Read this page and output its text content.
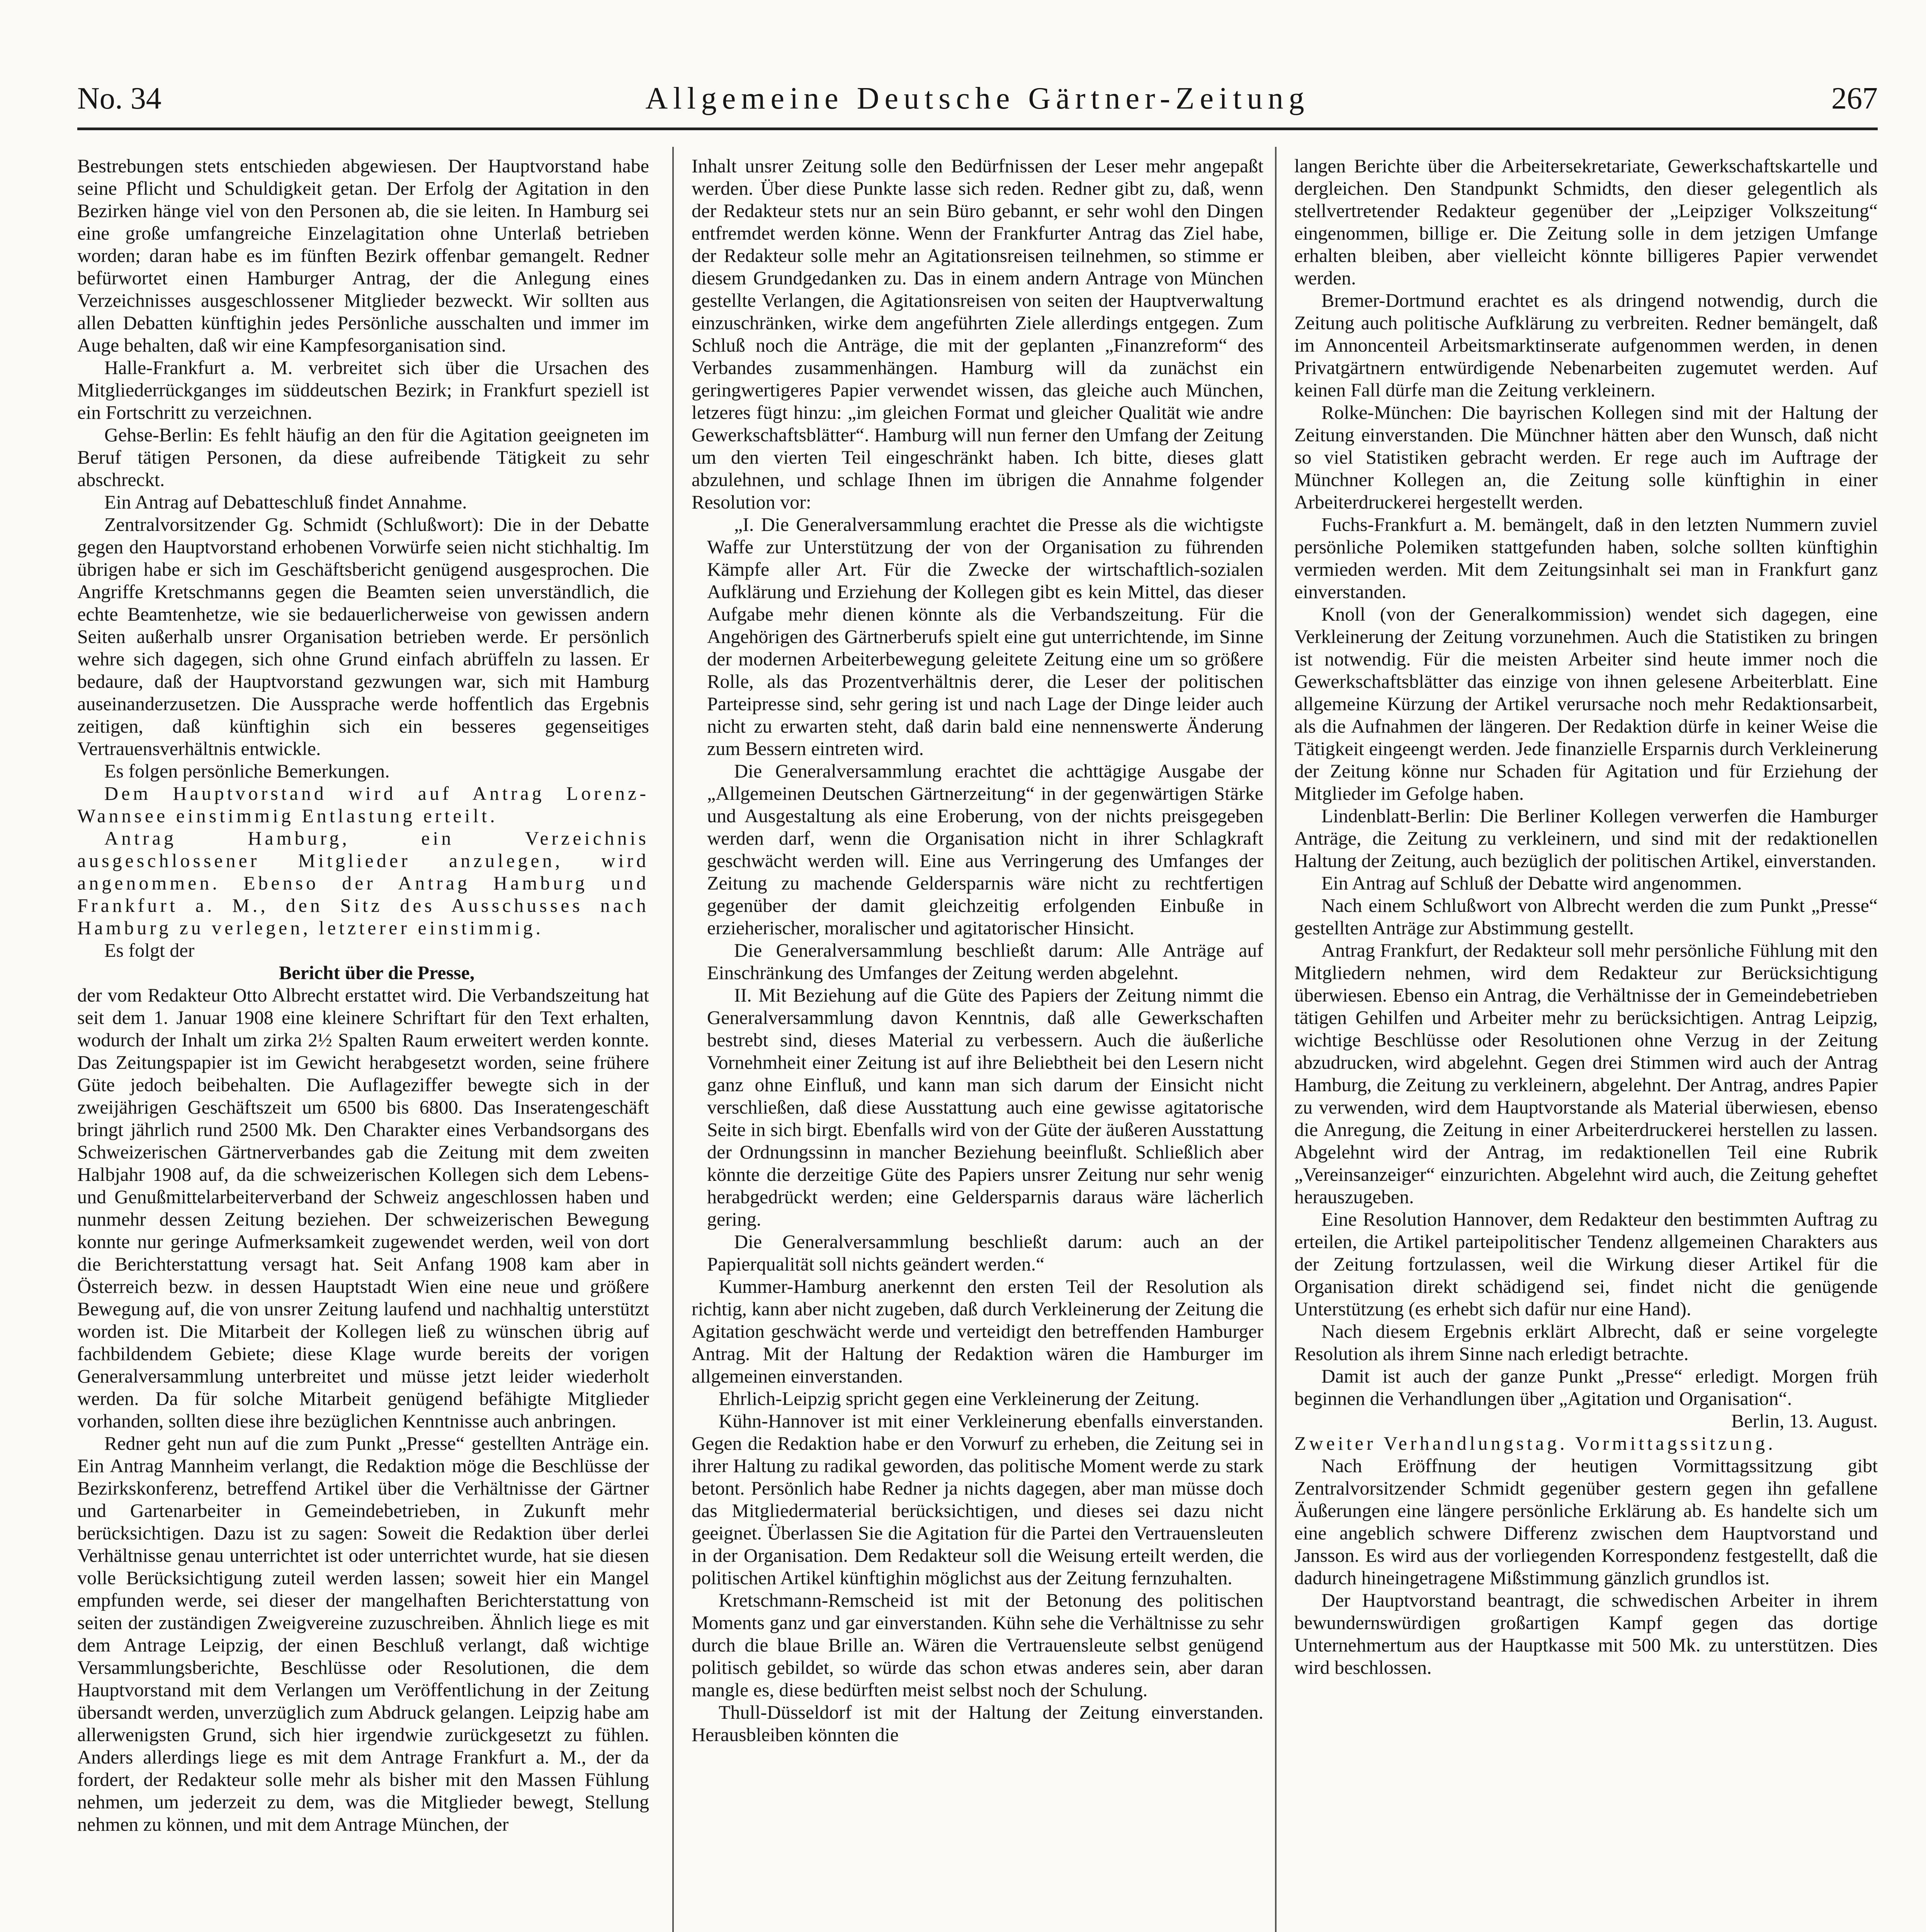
No. 34	Allgemeine Deutsche Gärtner-Zeitung	267

Bestrebungen stets entschieden abgewiesen. Der Hauptvorstand habe seine Pflicht und Schuldigkeit getan. Der Erfolg der Agitation in den Bezirken hänge viel von den Personen ab, die sie leiten. In Hamburg sei eine große umfangreiche Einzelagitation ohne Unterlaß betrieben worden; daran habe es im fünften Bezirk offenbar gemangelt. Redner befürwortet einen Hamburger Antrag, der die Anlegung eines Verzeichnisses ausgeschlossener Mitglieder bezweckt. Wir sollten aus allen Debatten künftighin jedes Persönliche ausschalten und immer im Auge behalten, daß wir eine Kampfesorganisation sind.

Halle-Frankfurt a. M. verbreitet sich über die Ursachen des Mitgliederrückganges im süddeutschen Bezirk; in Frankfurt speziell ist ein Fortschritt zu verzeichnen.

Gehse-Berlin: Es fehlt häufig an den für die Agitation geeigneten im Beruf tätigen Personen, da diese aufreibende Tätigkeit zu sehr abschreckt.

Ein Antrag auf Debatteschluß findet Annahme.

Zentralvorsitzender Gg. Schmidt (Schlußwort): Die in der Debatte gegen den Hauptvorstand erhobenen Vorwürfe seien nicht stichhaltig. Im übrigen habe er sich im Geschäftsbericht genügend ausgesprochen. Die Angriffe Kretschmanns gegen die Beamten seien unverständlich, die echte Beamtenhetze, wie sie bedauerlicherweise von gewissen andern Seiten außerhalb unsrer Organisation betrieben werde. Er persönlich wehre sich dagegen, sich ohne Grund einfach abrüffeln zu lassen. Er bedaure, daß der Hauptvorstand gezwungen war, sich mit Hamburg auseinanderzusetzen. Die Aussprache werde hoffentlich das Ergebnis zeitigen, daß künftighin sich ein besseres gegenseitiges Vertrauensverhältnis entwickle.

Es folgen persönliche Bemerkungen.

Dem Hauptvorstand wird auf Antrag Lorenz-Wannsee einstimmig Entlastung erteilt.

Antrag Hamburg, ein Verzeichnis ausgeschlossener Mitglieder anzulegen, wird angenommen. Ebenso der Antrag Hamburg und Frankfurt a. M., den Sitz des Ausschusses nach Hamburg zu verlegen, letzterer einstimmig.

Es folgt der

Bericht über die Presse,

der vom Redakteur Otto Albrecht erstattet wird. Die Verbandszeitung hat seit dem 1. Januar 1908 eine kleinere Schriftart für den Text erhalten, wodurch der Inhalt um zirka 2½ Spalten Raum erweitert werden konnte. Das Zeitungspapier ist im Gewicht herabgesetzt worden, seine frühere Güte jedoch beibehalten. Die Auflageziffer bewegte sich in der zweijährigen Geschäftszeit um 6500 bis 6800. Das Inseratengeschäft bringt jährlich rund 2500 Mk. Den Charakter eines Verbandsorgans des Schweizerischen Gärtnerverbandes gab die Zeitung mit dem zweiten Halbjahr 1908 auf, da die schweizerischen Kollegen sich dem Lebens- und Genußmittelarbeiterverband der Schweiz angeschlossen haben und nunmehr dessen Zeitung beziehen. Der schweizerischen Bewegung konnte nur geringe Aufmerksamkeit zugewendet werden, weil von dort die Berichterstattung versagt hat. Seit Anfang 1908 kam aber in Österreich bezw. in dessen Hauptstadt Wien eine neue und größere Bewegung auf, die von unsrer Zeitung laufend und nachhaltig unterstützt worden ist. Die Mitarbeit der Kollegen ließ zu wünschen übrig auf fachbildendem Gebiete; diese Klage wurde bereits der vorigen Generalversammlung unterbreitet und müsse jetzt leider wiederholt werden. Da für solche Mitarbeit genügend befähigte Mitglieder vorhanden, sollten diese ihre bezüglichen Kenntnisse auch anbringen.

Redner geht nun auf die zum Punkt „Presse“ gestellten Anträge ein. Ein Antrag Mannheim verlangt, die Redaktion möge die Beschlüsse der Bezirkskonferenz, betreffend Artikel über die Verhältnisse der Gärtner und Gartenarbeiter in Gemeindebetrieben, in Zukunft mehr berücksichtigen. Dazu ist zu sagen: Soweit die Redaktion über derlei Verhältnisse genau unterrichtet ist oder unterrichtet wurde, hat sie diesen volle Berücksichtigung zuteil werden lassen; soweit hier ein Mangel empfunden werde, sei dieser der mangelhaften Berichterstattung von seiten der zuständigen Zweigvereine zuzuschreiben. Ähnlich liege es mit dem Antrage Leipzig, der einen Beschluß verlangt, daß wichtige Versammlungsberichte, Beschlüsse oder Resolutionen, die dem Hauptvorstand mit dem Verlangen um Veröffentlichung in der Zeitung übersandt werden, unverzüglich zum Abdruck gelangen. Leipzig habe am allerwenigsten Grund, sich hier irgendwie zurückgesetzt zu fühlen. Anders allerdings liege es mit dem Antrage Frankfurt a. M., der da fordert, der Redakteur solle mehr als bisher mit den Massen Fühlung nehmen, um jederzeit zu dem, was die Mitglieder bewegt, Stellung nehmen zu können, und mit dem Antrage München, der

Inhalt unsrer Zeitung solle den Bedürfnissen der Leser mehr angepaßt werden. Über diese Punkte lasse sich reden. Redner gibt zu, daß, wenn der Redakteur stets nur an sein Büro gebannt, er sehr wohl den Dingen entfremdet werden könne. Wenn der Frankfurter Antrag das Ziel habe, der Redakteur solle mehr an Agitationsreisen teilnehmen, so stimme er diesem Grundgedanken zu. Das in einem andern Antrage von München gestellte Verlangen, die Agitationsreisen von seiten der Hauptverwaltung einzuschränken, wirke dem angeführten Ziele allerdings entgegen. Zum Schluß noch die Anträge, die mit der geplanten „Finanzreform“ des Verbandes zusammenhängen. Hamburg will da zunächst ein geringwertigeres Papier verwendet wissen, das gleiche auch München, letzeres fügt hinzu: „im gleichen Format und gleicher Qualität wie andre Gewerkschaftsblätter“. Hamburg will nun ferner den Umfang der Zeitung um den vierten Teil eingeschränkt haben. Ich bitte, dieses glatt abzulehnen, und schlage Ihnen im übrigen die Annahme folgender Resolution vor:

„I. Die Generalversammlung erachtet die Presse als die wichtigste Waffe zur Unterstützung der von der Organisation zu führenden Kämpfe aller Art. Für die Zwecke der wirtschaftlich-sozialen Aufklärung und Erziehung der Kollegen gibt es kein Mittel, das dieser Aufgabe mehr dienen könnte als die Verbandszeitung. Für die Angehörigen des Gärtnerberufs spielt eine gut unterrichtende, im Sinne der modernen Arbeiterbewegung geleitete Zeitung eine um so größere Rolle, als das Prozentverhältnis derer, die Leser der politischen Parteipresse sind, sehr gering ist und nach Lage der Dinge leider auch nicht zu erwarten steht, daß darin bald eine nennenswerte Änderung zum Bessern eintreten wird.

Die Generalversammlung erachtet die achttägige Ausgabe der „Allgemeinen Deutschen Gärtnerzeitung“ in der gegenwärtigen Stärke und Ausgestaltung als eine Eroberung, von der nichts preisgegeben werden darf, wenn die Organisation nicht in ihrer Schlagkraft geschwächt werden will. Eine aus Verringerung des Umfanges der Zeitung zu machende Geldersparnis wäre nicht zu rechtfertigen gegenüber der damit gleichzeitig erfolgenden Einbuße in erzieherischer, moralischer und agitatorischer Hinsicht.

Die Generalversammlung beschließt darum: Alle Anträge auf Einschränkung des Umfanges der Zeitung werden abgelehnt.

II. Mit Beziehung auf die Güte des Papiers der Zeitung nimmt die Generalversammlung davon Kenntnis, daß alle Gewerkschaften bestrebt sind, dieses Material zu verbessern. Auch die äußerliche Vornehmheit einer Zeitung ist auf ihre Beliebtheit bei den Lesern nicht ganz ohne Einfluß, und kann man sich darum der Einsicht nicht verschließen, daß diese Ausstattung auch eine gewisse agitatorische Seite in sich birgt. Ebenfalls wird von der Güte der äußeren Ausstattung der Ordnungssinn in mancher Beziehung beeinflußt. Schließlich aber könnte die derzeitige Güte des Papiers unsrer Zeitung nur sehr wenig herabgedrückt werden; eine Geldersparnis daraus wäre lächerlich gering.

Die Generalversammlung beschließt darum: auch an der Papierqualität soll nichts geändert werden.“

Kummer-Hamburg anerkennt den ersten Teil der Resolution als richtig, kann aber nicht zugeben, daß durch Verkleinerung der Zeitung die Agitation geschwächt werde und verteidigt den betreffenden Hamburger Antrag. Mit der Haltung der Redaktion wären die Hamburger im allgemeinen einverstanden.

Ehrlich-Leipzig spricht gegen eine Verkleinerung der Zeitung.

Kühn-Hannover ist mit einer Verkleinerung ebenfalls einverstanden. Gegen die Redaktion habe er den Vorwurf zu erheben, die Zeitung sei in ihrer Haltung zu radikal geworden, das politische Moment werde zu stark betont. Persönlich habe Redner ja nichts dagegen, aber man müsse doch das Mitgliedermaterial berücksichtigen, und dieses sei dazu nicht geeignet. Überlassen Sie die Agitation für die Partei den Vertrauensleuten in der Organisation. Dem Redakteur soll die Weisung erteilt werden, die politischen Artikel künftighin möglichst aus der Zeitung fernzuhalten.

Kretschmann-Remscheid ist mit der Betonung des politischen Moments ganz und gar einverstanden. Kühn sehe die Verhältnisse zu sehr durch die blaue Brille an. Wären die Vertrauensleute selbst genügend politisch gebildet, so würde das schon etwas anderes sein, aber daran mangle es, diese bedürften meist selbst noch der Schulung.

Thull-Düsseldorf ist mit der Haltung der Zeitung einverstanden. Herausbleiben könnten die

langen Berichte über die Arbeitersekretariate, Gewerkschaftskartelle und dergleichen. Den Standpunkt Schmidts, den dieser gelegentlich als stellvertretender Redakteur gegenüber der „Leipziger Volkszeitung“ eingenommen, billige er. Die Zeitung solle in dem jetzigen Umfange erhalten bleiben, aber vielleicht könnte billigeres Papier verwendet werden.

Bremer-Dortmund erachtet es als dringend notwendig, durch die Zeitung auch politische Aufklärung zu verbreiten. Redner bemängelt, daß im Annoncenteil Arbeitsmarktinserate aufgenommen werden, in denen Privatgärtnern entwürdigende Nebenarbeiten zugemutet werden. Auf keinen Fall dürfe man die Zeitung verkleinern.

Rolke-München: Die bayrischen Kollegen sind mit der Haltung der Zeitung einverstanden. Die Münchner hätten aber den Wunsch, daß nicht so viel Statistiken gebracht werden. Er rege auch im Auftrage der Münchner Kollegen an, die Zeitung solle künftighin in einer Arbeiterdruckerei hergestellt werden.

Fuchs-Frankfurt a. M. bemängelt, daß in den letzten Nummern zuviel persönliche Polemiken stattgefunden haben, solche sollten künftighin vermieden werden. Mit dem Zeitungsinhalt sei man in Frankfurt ganz einverstanden.

Knoll (von der Generalkommission) wendet sich dagegen, eine Verkleinerung der Zeitung vorzunehmen. Auch die Statistiken zu bringen ist notwendig. Für die meisten Arbeiter sind heute immer noch die Gewerkschaftsblätter das einzige von ihnen gelesene Arbeiterblatt. Eine allgemeine Kürzung der Artikel verursache noch mehr Redaktionsarbeit, als die Aufnahmen der längeren. Der Redaktion dürfe in keiner Weise die Tätigkeit eingeengt werden. Jede finanzielle Ersparnis durch Verkleinerung der Zeitung könne nur Schaden für Agitation und für Erziehung der Mitglieder im Gefolge haben.

Lindenblatt-Berlin: Die Berliner Kollegen verwerfen die Hamburger Anträge, die Zeitung zu verkleinern, und sind mit der redaktionellen Haltung der Zeitung, auch bezüglich der politischen Artikel, einverstanden.

Ein Antrag auf Schluß der Debatte wird angenommen.

Nach einem Schlußwort von Albrecht werden die zum Punkt „Presse“ gestellten Anträge zur Abstimmung gestellt.

Antrag Frankfurt, der Redakteur soll mehr persönliche Fühlung mit den Mitgliedern nehmen, wird dem Redakteur zur Berücksichtigung überwiesen. Ebenso ein Antrag, die Verhältnisse der in Gemeindebetrieben tätigen Gehilfen und Arbeiter mehr zu berücksichtigen. Antrag Leipzig, wichtige Beschlüsse oder Resolutionen ohne Verzug in der Zeitung abzudrucken, wird abgelehnt. Gegen drei Stimmen wird auch der Antrag Hamburg, die Zeitung zu verkleinern, abgelehnt. Der Antrag, andres Papier zu verwenden, wird dem Hauptvorstande als Material überwiesen, ebenso die Anregung, die Zeitung in einer Arbeiterdruckerei herstellen zu lassen. Abgelehnt wird der Antrag, im redaktionellen Teil eine Rubrik „Vereinsanzeiger“ einzurichten. Abgelehnt wird auch, die Zeitung geheftet herauszugeben.

Eine Resolution Hannover, dem Redakteur den bestimmten Auftrag zu erteilen, die Artikel parteipolitischer Tendenz allgemeinen Charakters aus der Zeitung fortzulassen, weil die Wirkung dieser Artikel für die Organisation direkt schädigend sei, findet nicht die genügende Unterstützung (es erhebt sich dafür nur eine Hand).

Nach diesem Ergebnis erklärt Albrecht, daß er seine vorgelegte Resolution als ihrem Sinne nach erledigt betrachte.

Damit ist auch der ganze Punkt „Presse“ erledigt. Morgen früh beginnen die Verhandlungen über „Agitation und Organisation“.

Berlin, 13. August.

Zweiter Verhandlungstag. Vormittagssitzung.

Nach Eröffnung der heutigen Vormittagssitzung gibt Zentralvorsitzender Schmidt gegenüber gestern gegen ihn gefallene Äußerungen eine längere persönliche Erklärung ab. Es handelte sich um eine angeblich schwere Differenz zwischen dem Hauptvorstand und Jansson. Es wird aus der vorliegenden Korrespondenz festgestellt, daß die dadurch hineingetragene Mißstimmung gänzlich grundlos ist.

Der Hauptvorstand beantragt, die schwedischen Arbeiter in ihrem bewundernswürdigen großartigen Kampf gegen das dortige Unternehmertum aus der Hauptkasse mit 500 Mk. zu unterstützen. Dies wird beschlossen.
